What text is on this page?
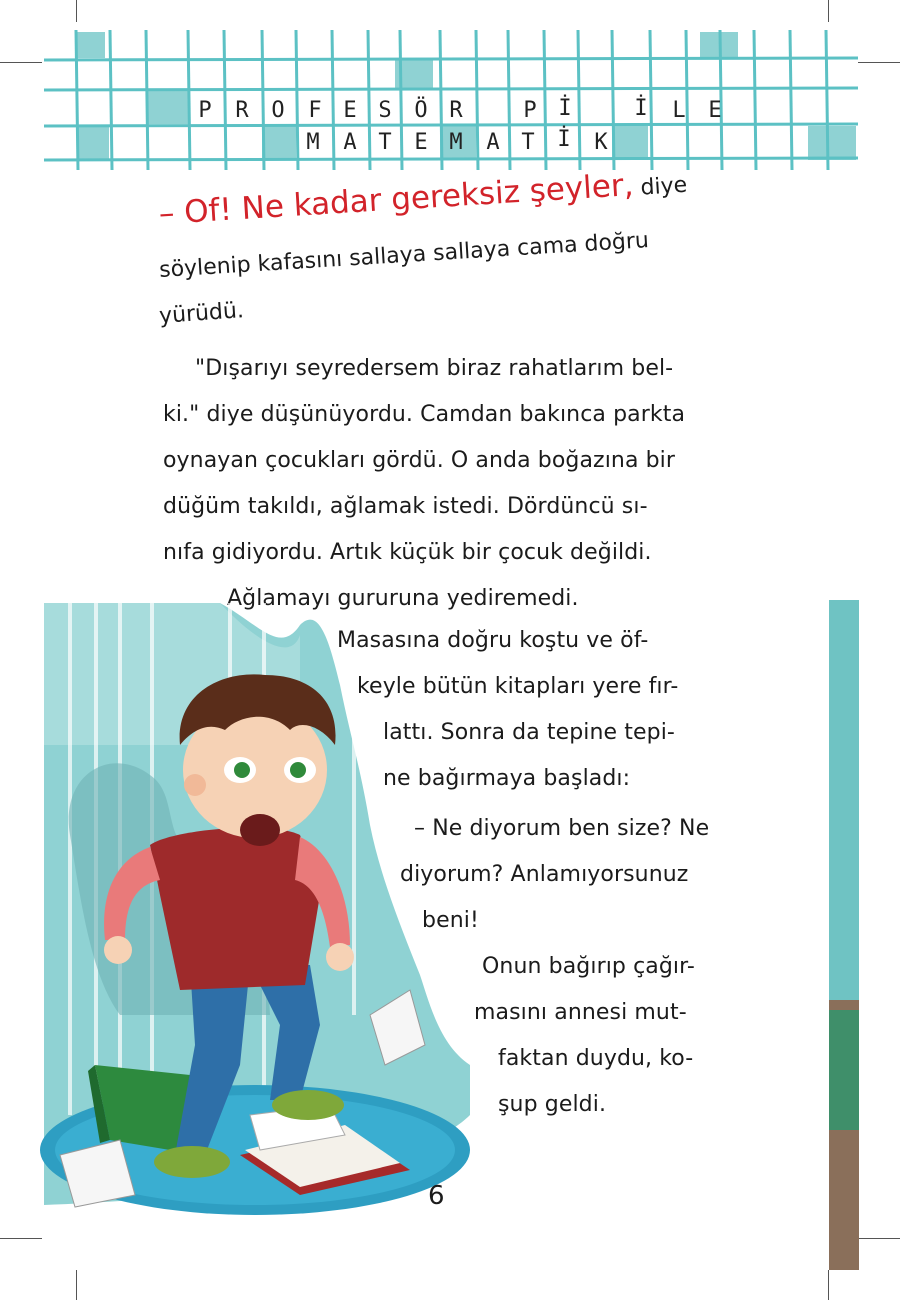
P R O F E S Ö R	P İ	İ L E
M A T E M A T İ K
– Of! Ne kadar gereksiz şeyler, diye
söylenip kafasını sallaya sallaya cama doğru
yürüdü.
"Dışarıyı seyredersem biraz rahatlarım bel-
ki." diye düşünüyordu. Camdan bakınca parkta
oynayan çocukları gördü. O anda boğazına bir
düğüm takıldı, ağlamak istedi. Dördüncü sı-
nıfa gidiyordu. Artık küçük bir çocuk değildi.
Ağlamayı gururuna yediremedi.
Masasına doğru koştu ve öf-
keyle bütün kitapları yere fır-
lattı. Sonra da tepine tepi-
ne bağırmaya başladı:
– Ne diyorum ben size? Ne
diyorum? Anlamıyorsunuz
beni!
Onun bağırıp çağır-
masını annesi mut-
faktan duydu, ko-
şup geldi.
6
